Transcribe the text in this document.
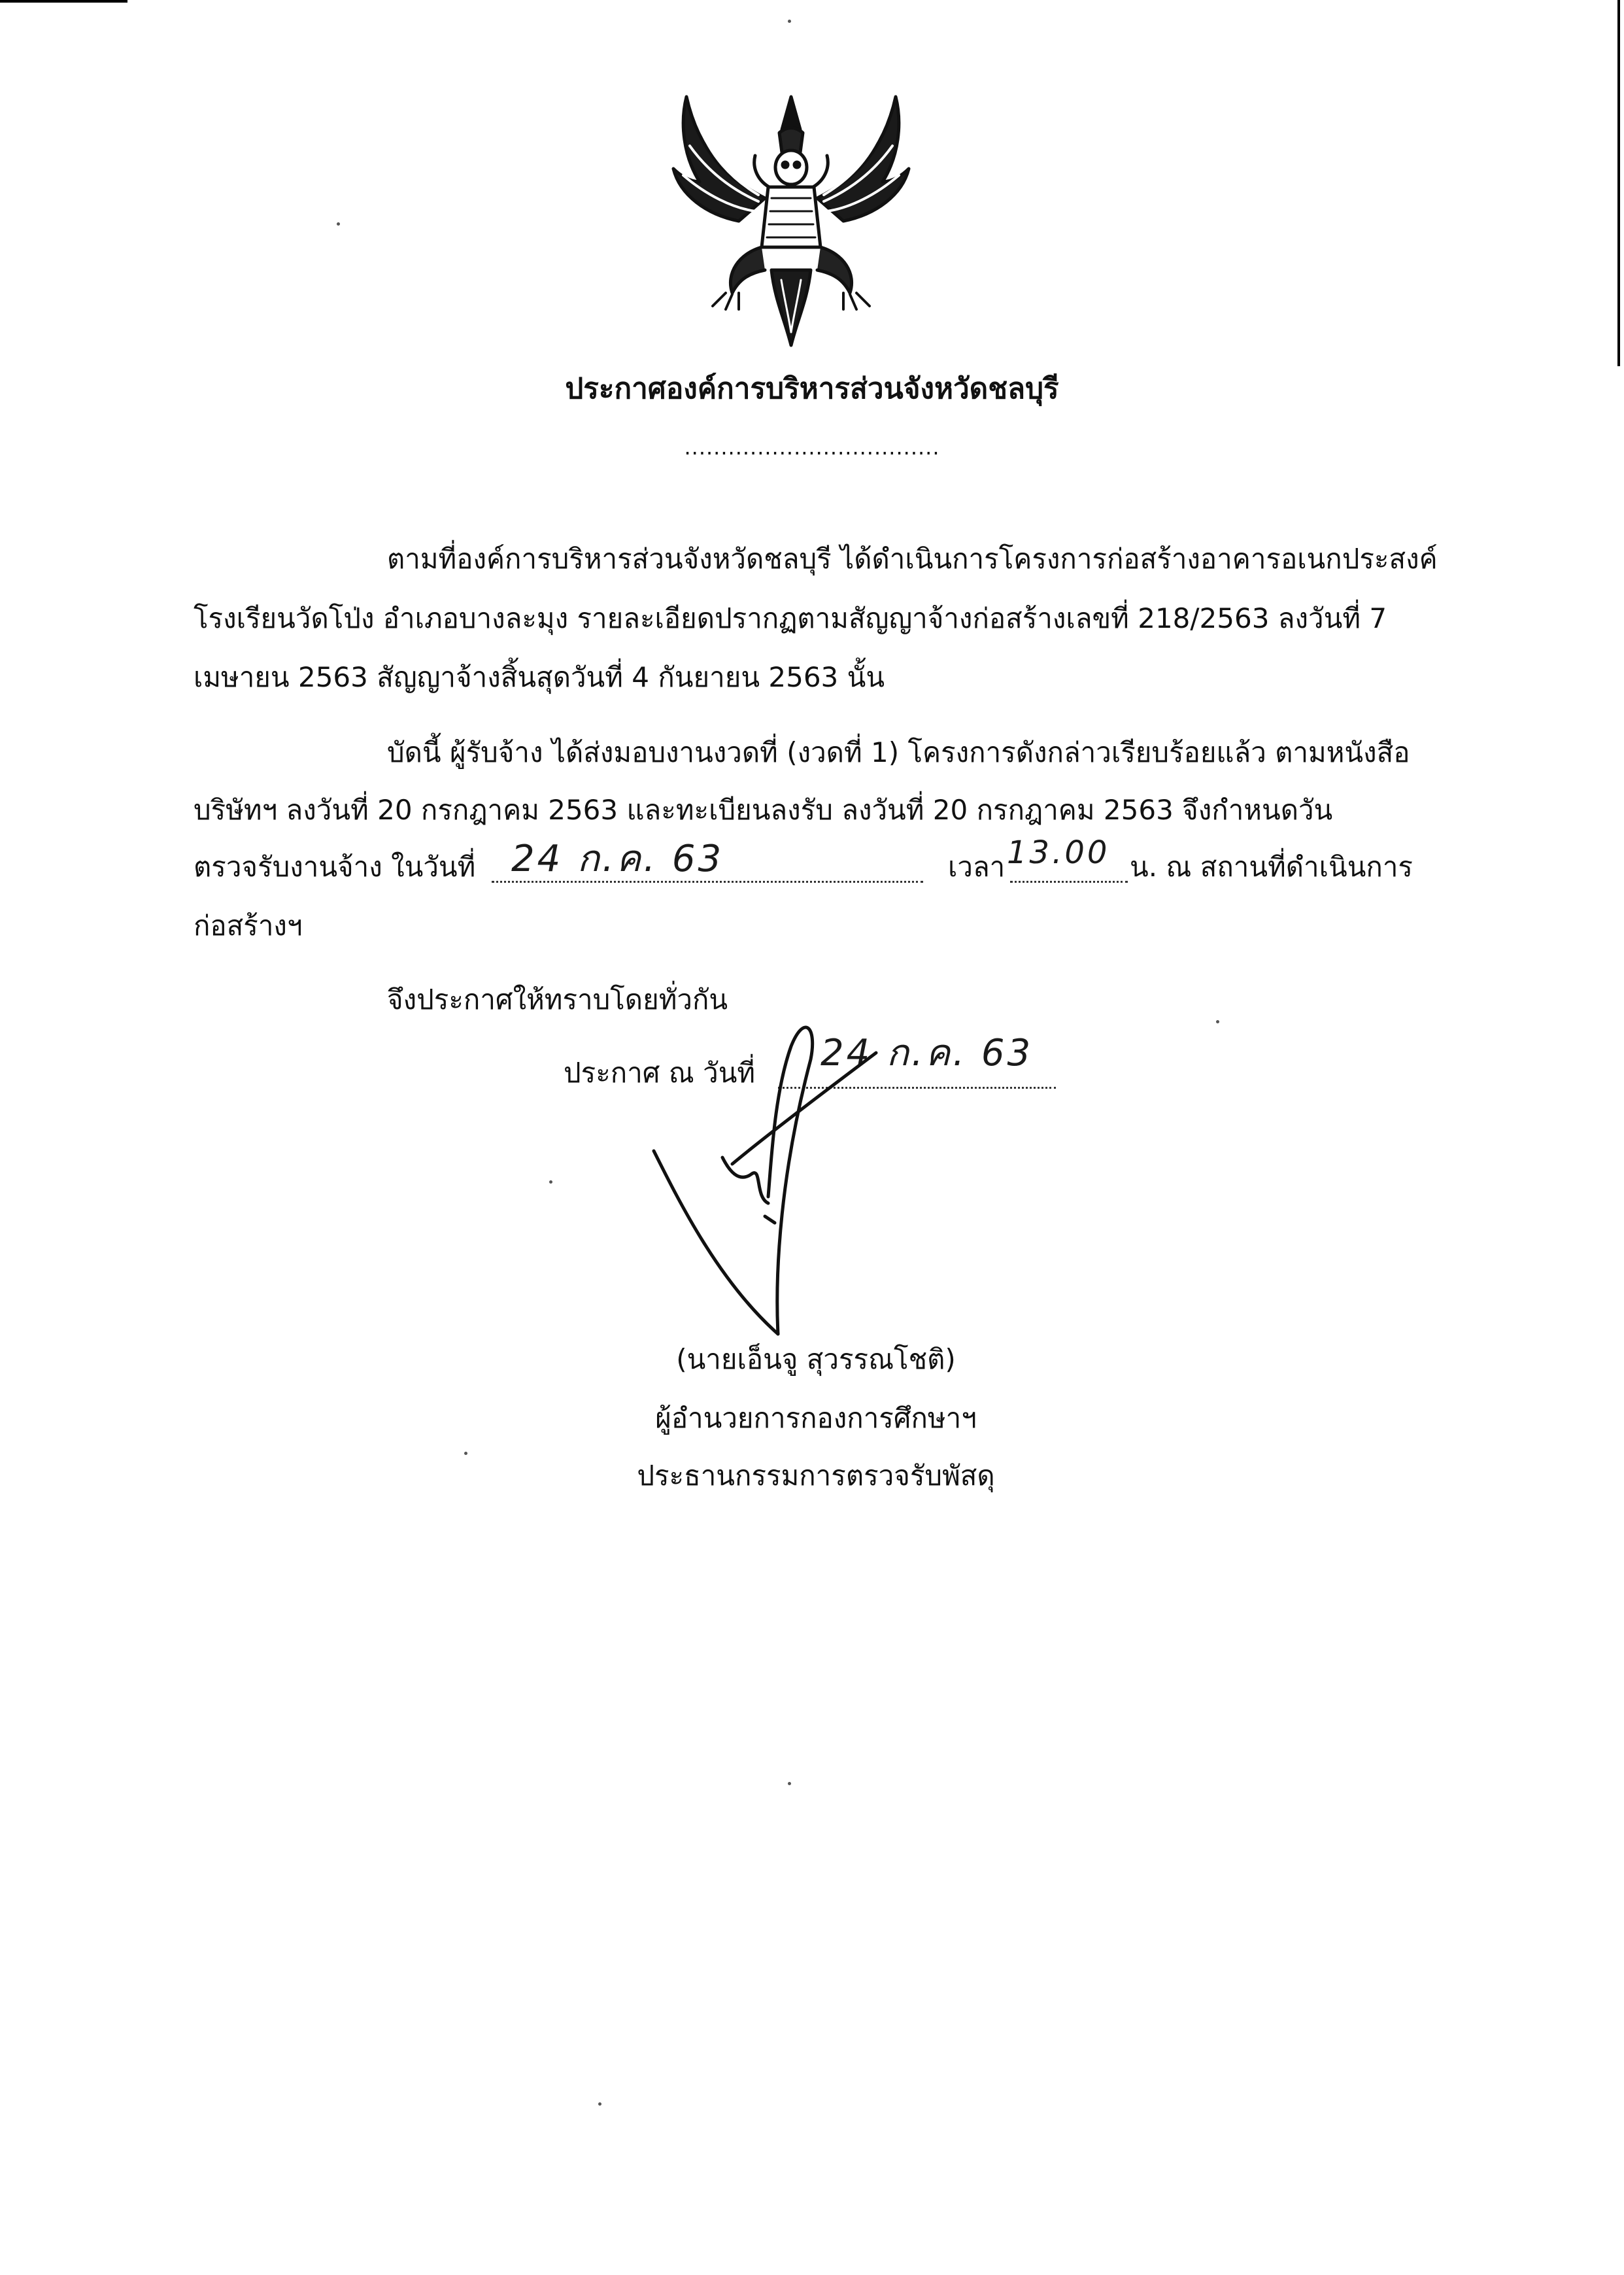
ประกาศองค์การบริหารส่วนจังหวัดชลบุรี
...................................
ตามที่องค์การบริหารส่วนจังหวัดชลบุรี ได้ดำเนินการโครงการก่อสร้างอาคารอเนกประสงค์
โรงเรียนวัดโป่ง อำเภอบางละมุง รายละเอียดปรากฏตามสัญญาจ้างก่อสร้างเลขที่ 218/2563 ลงวันที่ 7
เมษายน 2563 สัญญาจ้างสิ้นสุดวันที่ 4 กันยายน 2563 นั้น
บัดนี้ ผู้รับจ้าง ได้ส่งมอบงานงวดที่ (งวดที่ 1) โครงการดังกล่าวเรียบร้อยแล้ว ตามหนังสือ
บริษัทฯ ลงวันที่ 20 กรกฎาคม 2563 และทะเบียนลงรับ ลงวันที่ 20 กรกฎาคม 2563 จึงกำหนดวัน
ตรวจรับงานจ้าง ในวันที่	เวลา	น. ณ สถานที่ดำเนินการ
ก่อสร้างฯ
24 ก.ค. 63	13.00
จึงประกาศให้ทราบโดยทั่วกัน
ประกาศ ณ วันที่ 24 ก.ค. 63
(นายเอ็นจู สุวรรณโชติ)
ผู้อำนวยการกองการศึกษาฯ
ประธานกรรมการตรวจรับพัสดุ
